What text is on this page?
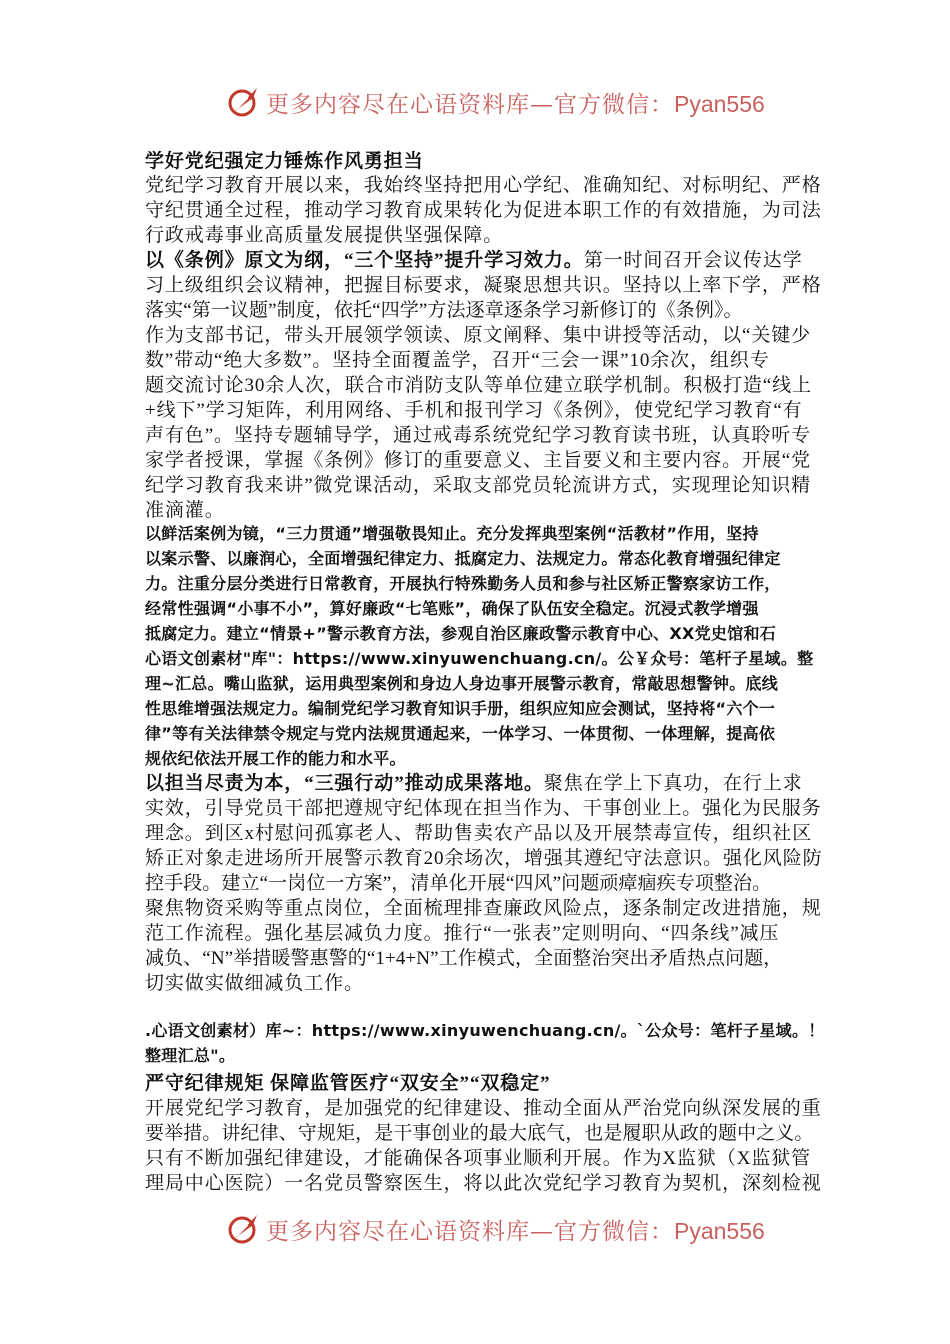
更多内容尽在心语资料库—官方微信：Pyan556
学好党纪强定力锤炼作风勇担当
党纪学习教育开展以来，我始终坚持把用心学纪、准确知纪、对标明纪、严格
守纪贯通全过程，推动学习教育成果转化为促进本职工作的有效措施，为司法
行政戒毒事业高质量发展提供坚强保障。
以《条例》原文为纲，“三个坚持”提升学习效力。第一时间召开会议传达学
习上级组织会议精神，把握目标要求，凝聚思想共识。坚持以上率下学，严格
落实“第一议题”制度，依托“四学”方法逐章逐条学习新修订的《条例》。
作为支部书记，带头开展领学领读、原文阐释、集中讲授等活动，以“关键少
数”带动“绝大多数”。坚持全面覆盖学，召开“三会一课”10余次，组织专
题交流讨论30余人次，联合市消防支队等单位建立联学机制。积极打造“线上
+线下”学习矩阵，利用网络、手机和报刊学习《条例》，使党纪学习教育“有
声有色”。坚持专题辅导学，通过戒毒系统党纪学习教育读书班，认真聆听专
家学者授课，掌握《条例》修订的重要意义、主旨要义和主要内容。开展“党
纪学习教育我来讲”微党课活动，采取支部党员轮流讲方式，实现理论知识精
准滴灌。
以鲜活案例为镜，“三力贯通”增强敬畏知止。充分发挥典型案例“活教材”作用，坚持
以案示警、以廉润心，全面增强纪律定力、抵腐定力、法规定力。常态化教育增强纪律定
力。注重分层分类进行日常教育，开展执行特殊勤务人员和参与社区矫正警察家访工作，
经常性强调“小事不小”，算好廉政“七笔账”，确保了队伍安全稳定。沉浸式教学增强
抵腐定力。建立“情景+”警示教育方法，参观自治区廉政警示教育中心、XX党史馆和石
心语文创素材"库"：https://www.xinyuwenchuang.cn/。公￥众号：笔杆子星域。整
理~汇总。嘴山监狱，运用典型案例和身边人身边事开展警示教育，常敲思想警钟。底线
性思维增强法规定力。编制党纪学习教育知识手册，组织应知应会测试，坚持将“六个一
律”等有关法律禁令规定与党内法规贯通起来，一体学习、一体贯彻、一体理解，提高依
规依纪依法开展工作的能力和水平。
以担当尽责为本，“三强行动”推动成果落地。聚焦在学上下真功，在行上求
实效，引导党员干部把遵规守纪体现在担当作为、干事创业上。强化为民服务
理念。到区x村慰问孤寡老人、帮助售卖农产品以及开展禁毒宣传，组织社区
矫正对象走进场所开展警示教育20余场次，增强其遵纪守法意识。强化风险防
控手段。建立“一岗位一方案”，清单化开展“四风”问题顽瘴痼疾专项整治。
聚焦物资采购等重点岗位，全面梳理排查廉政风险点，逐条制定改进措施，规
范工作流程。强化基层减负力度。推行“一张表”定则明向、“四条线”减压
减负、“N”举措暖警惠警的“1+4+N”工作模式，全面整治突出矛盾热点问题，
切实做实做细减负工作。
.心语文创素材）库~：https://www.xinyuwenchuang.cn/。`公众号：笔杆子星域。！
整理汇总"。
严守纪律规矩 保障监管医疗“双安全”“双稳定”
开展党纪学习教育，是加强党的纪律建设、推动全面从严治党向纵深发展的重
要举措。讲纪律、守规矩，是干事创业的最大底气，也是履职从政的题中之义。
只有不断加强纪律建设，才能确保各项事业顺利开展。作为X监狱（X监狱管
理局中心医院）一名党员警察医生，将以此次党纪学习教育为契机，深刻检视
更多内容尽在心语资料库—官方微信：Pyan556
